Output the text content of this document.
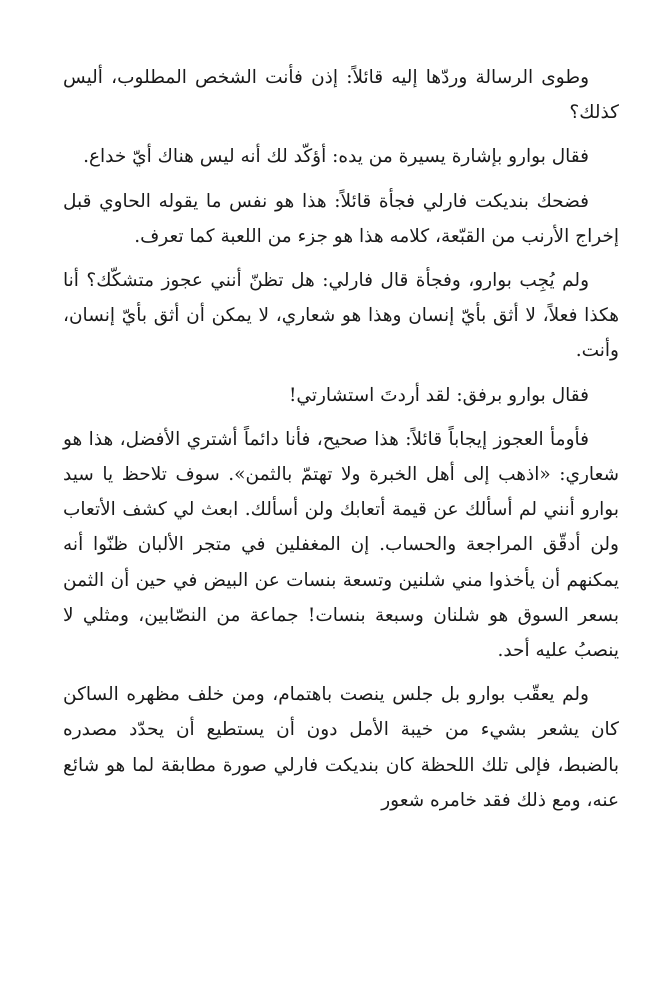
وطوى الرسالة وردّها إليه قائلاً: إذن فأنت الشخص المطلوب، أليس كذلك؟

فقال بوارو بإشارة يسيرة من يده: أؤكّد لك أنه ليس هناك أيّ خداع.

فضحك بنديكت فارلي فجأة قائلاً: هذا هو نفس ما يقوله الحاوي قبل إخراج الأرنب من القبّعة، كلامه هذا هو جزء من اللعبة كما تعرف.

ولم يُجِب بوارو، وفجأة قال فارلي: هل تظنّ أنني عجوز متشكّك؟ أنا هكذا فعلاً، لا أثق بأيّ إنسان وهذا هو شعاري، لا يمكن أن أثق بأيّ إنسان، وأنت.

فقال بوارو برفق: لقد أردتَ استشارتي!

فأومأ العجوز إيجاباً قائلاً: هذا صحيح، فأنا دائماً أشتري الأفضل، هذا هو شعاري: «اذهب إلى أهل الخبرة ولا تهتمّ بالثمن». سوف تلاحظ يا سيد بوارو أنني لم أسألك عن قيمة أتعابك ولن أسألك. ابعث لي كشف الأتعاب ولن أدقّق المراجعة والحساب. إن المغفلين في متجر الألبان ظنّوا أنه يمكنهم أن يأخذوا مني شلنين وتسعة بنسات عن البيض في حين أن الثمن بسعر السوق هو شلنان وسبعة بنسات! جماعة من النصّابين، ومثلي لا ينصبُ عليه أحد.

ولم يعقّب بوارو بل جلس ينصت باهتمام، ومن خلف مظهره الساكن كان يشعر بشيء من خيبة الأمل دون أن يستطيع أن يحدّد مصدره بالضبط، فإلى تلك اللحظة كان بنديكت فارلي صورة مطابقة لما هو شائع عنه، ومع ذلك فقد خامره شعور
